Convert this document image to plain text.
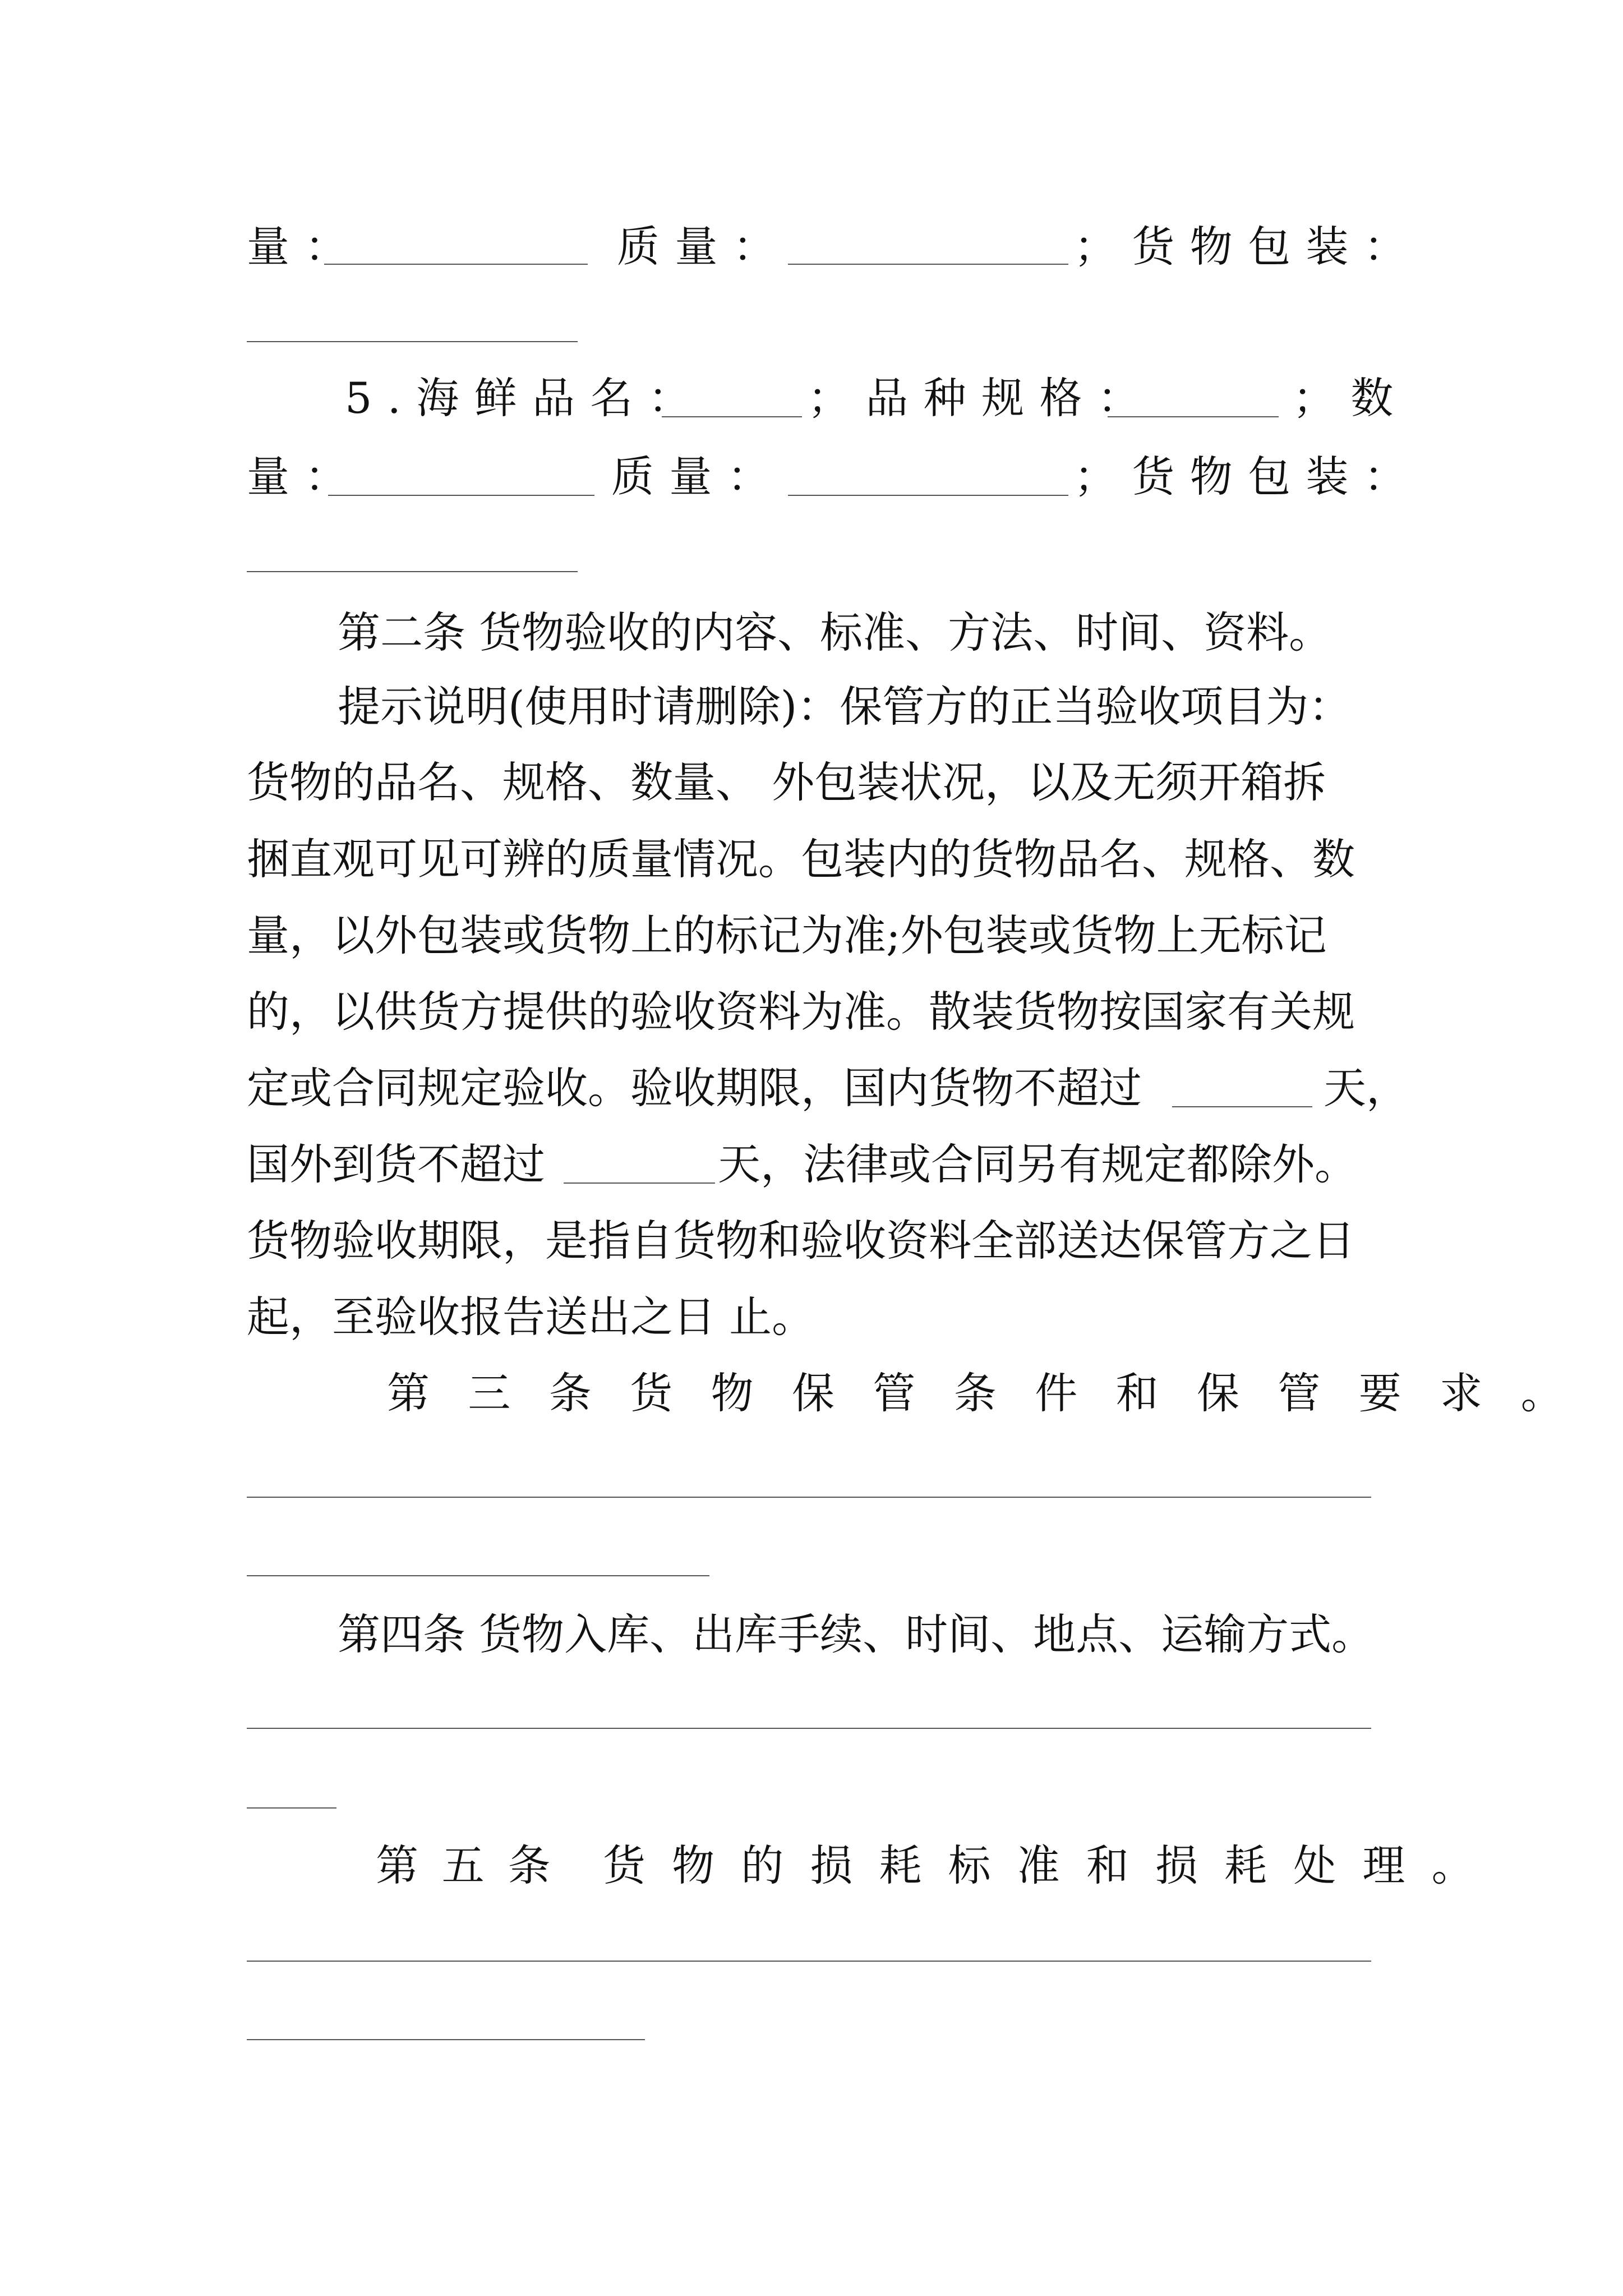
量：	质量：	；货物包装：
5.海鲜品名： ；品种规格：	；数
量：	质量：	；货物包装：
第二条 货物验收的内容、标准、方法、时间、资料。
提示说明(使用时请删除)：保管方的正当验收项目为：
货物的品名、规格、数量、 外包装状况，以及无须开箱拆
捆直观可见可辨的质量情况。包装内的货物品名、规格、数
量，以外包装或货物上的标记为准;外包装或货物上无标记
的，以供货方提供的验收资料为准。散装货物按国家有关规
定或合同规定验收。验收期限，国内货物不超过	天，
国外到货不超过	天，法律或合同另有规定都除外。
货物验收期限，是指自货物和验收资料全部送达保管方之日
起，至验收报告送出之日 止。
第三条货物保管条件和保管要求。
第四条 货物入库、出库手续、时间、地点、运输方式。
第五条 货物的损耗标准和损耗处理。
